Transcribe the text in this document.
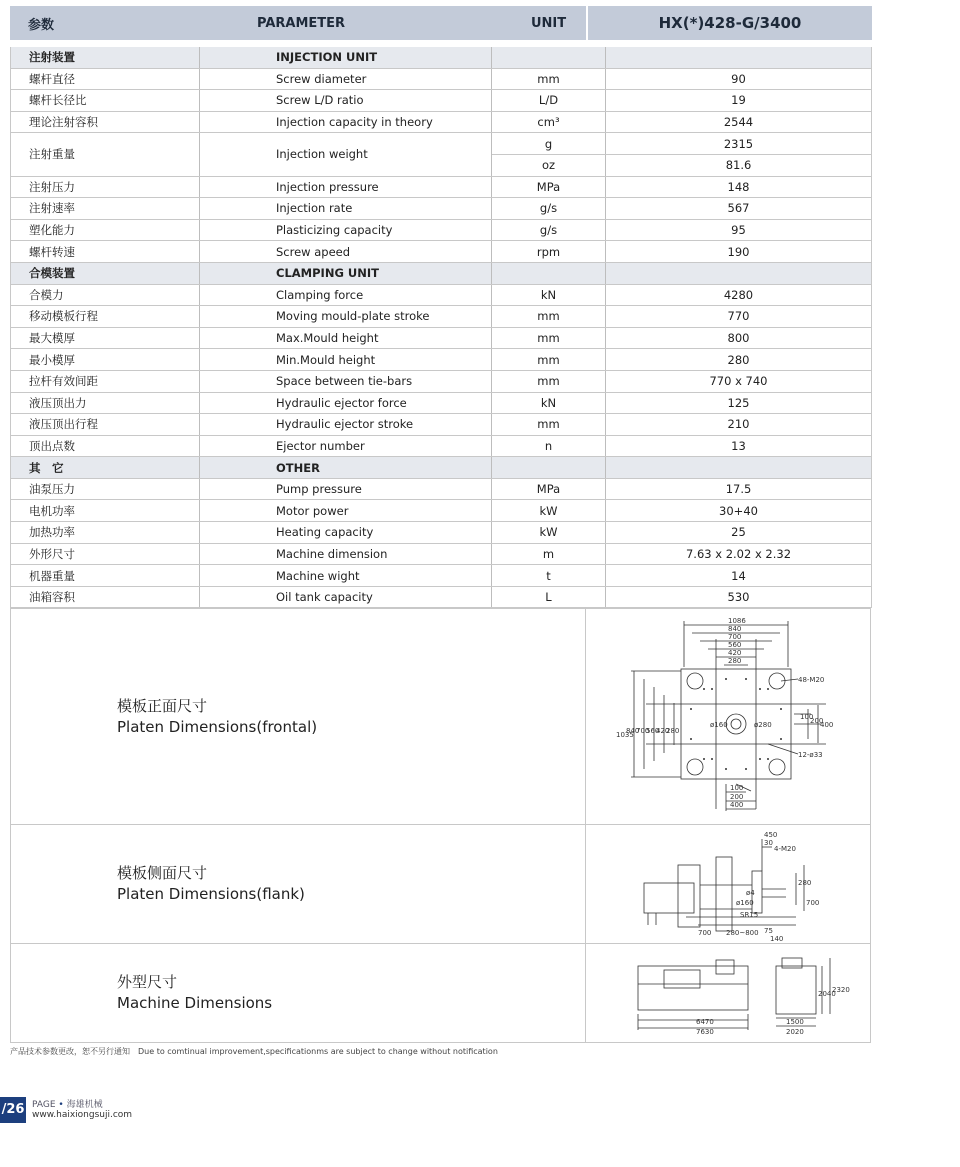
参数	PARAMETER	UNIT	HX(*)428-G/3400
注射装置	INJECTION UNIT		
螺杆直径	Screw diameter	mm	90
螺杆长径比	Screw L/D ratio	L/D	19
理论注射容积	Injection capacity in theory	cm³	2544
注射重量	Injection weight	g	2315
		oz	81.6
注射压力	Injection pressure	MPa	148
注射速率	Injection rate	g/s	567
塑化能力	Plasticizing capacity	g/s	95
螺杆转速	Screw apeed	rpm	190
合模装置	CLAMPING UNIT		
合模力	Clamping force	kN	4280
移动模板行程	Moving mould-plate stroke	mm	770
最大模厚	Max.Mould height	mm	800
最小模厚	Min.Mould height	mm	280
拉杆有效间距	Space between tie-bars	mm	770 x 740
液压顶出力	Hydraulic ejector force	kN	125
液压顶出行程	Hydraulic ejector stroke	mm	210
顶出点数	Ejector number	n	13
其　它	OTHER		
油泵压力	Pump pressure	MPa	17.5
电机功率	Motor power	kW	30+40
加热功率	Heating capacity	kW	25
外形尺寸	Machine dimension	m	7.63 x 2.02 x 2.32
机器重量	Machine wight	t	14
油箱容积	Oil tank capacity	L	530
模板正面尺寸
Platen Dimensions(frontal)
1086
840
700
560
420
280
48-M20
1035
840
700
560
420
280
100
200
400
12-ø33
100
200
400
ø160	ø280
模板侧面尺寸
Platen Dimensions(flank)
450
30
4-M20
ø4
ø160
SR15
280
700
700 280~800 75
140
外型尺寸
Machine Dimensions
6470
7630
2040
2320
1500
2020
产品技术参数更改，恕不另行通知　Due to comtinual improvement,specificationms are subject to change without notification
/26 PAGE • 海雄机械
www.haixiongsuji.com
